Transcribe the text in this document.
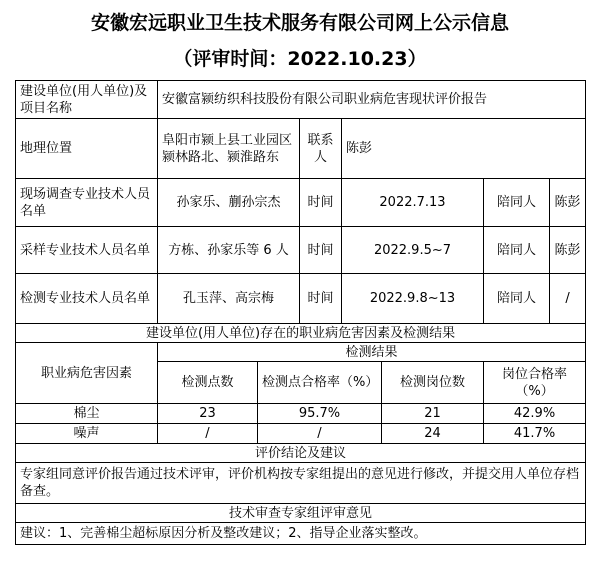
安徽宏远职业卫生技术服务有限公司网上公示信息
（评审时间：2022.10.23）
建设单位(用人单位)及项目名称	安徽富颍纺织科技股份有限公司职业病危害现状评价报告						
地理位置	阜阳市颍上县工业园区颍林路北、颍淮路东		联系人	陈彭			
现场调查专业技术人员名单	孙家乐、蒯孙宗杰		时间	2022.7.13		陪同人	陈彭
采样专业技术人员名单	方栋、孙家乐等 6 人		时间	2022.9.5~7		陪同人	陈彭
检测专业技术人员名单	孔玉萍、高宗梅		时间	2022.9.8~13		陪同人	/
建设单位(用人单位)存在的职业病危害因素及检测结果							
职业病危害因素	检测结果						
	检测点数	检测点合格率（%）			检测岗位数	岗位合格率（%）	
棉尘	23	95.7%			21	42.9%	
噪声	/	/			24	41.7%	
评价结论及建议							
专家组同意评价报告通过技术评审，评价机构按专家组提出的意见进行修改，并提交用人单位存档备查。							
技术审查专家组评审意见							
建议：1、完善棉尘超标原因分析及整改建议；2、指导企业落实整改。							
